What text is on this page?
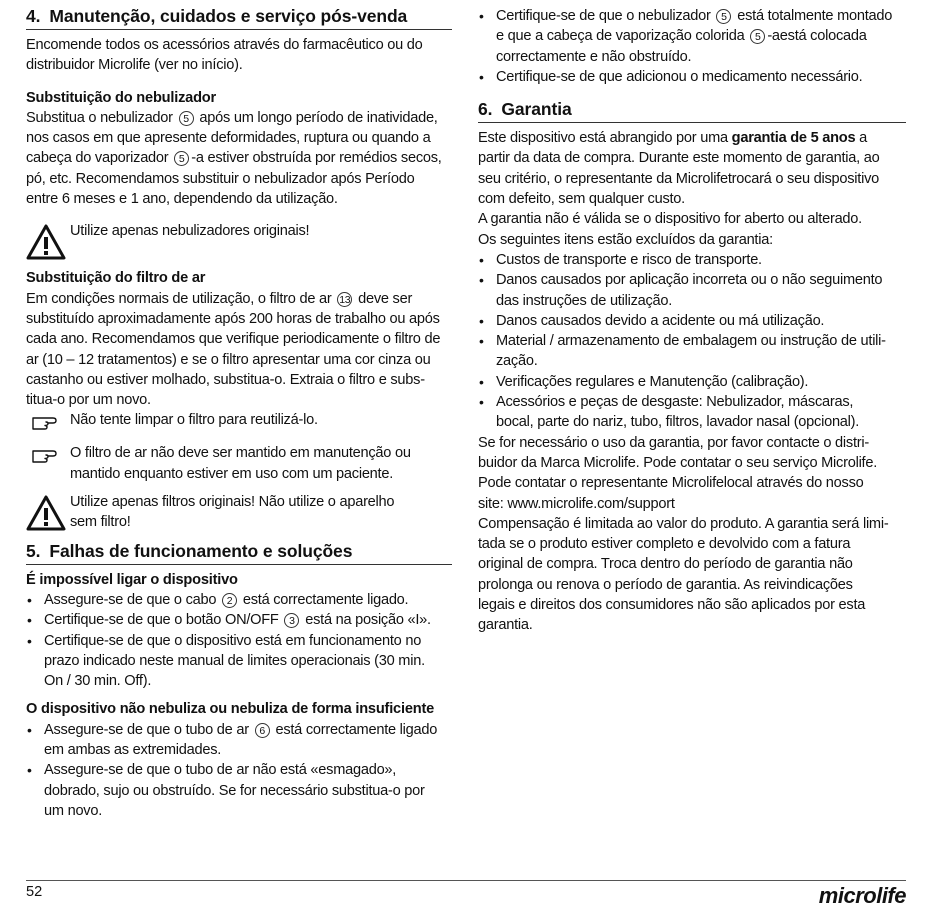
4. Manutenção, cuidados e serviço pós-venda

Encomende todos os acessórios através do farmacêutico ou do
distribuidor Microlife (ver no início).

Substituição do nebulizador

Substitua o nebulizador 5 após um longo período de inatividade,
nos casos em que apresente deformidades, ruptura ou quando a
cabeça do vaporizador 5 -a estiver obstruída por remédios secos,
pó, etc. Recomendamos substituir o nebulizador após Período
entre 6 meses e 1 ano, dependendo da utilização.

Utilize apenas nebulizadores originais!

Substituição do filtro de ar

Em condições normais de utilização, o filtro de ar 13 deve ser
substituído aproximadamente após 200 horas de trabalho ou após
cada ano. Recomendamos que verifique periodicamente o filtro de
ar (10 – 12 tratamentos) e se o filtro apresentar uma cor cinza ou
castanho ou estiver molhado, substitua-o. Extraia o filtro e subs-
titua-o por um novo.

Não tente limpar o filtro para reutilizá-lo.

O filtro de ar não deve ser mantido em manutenção ou
mantido enquanto estiver em uso com um paciente.

Utilize apenas filtros originais! Não utilize o aparelho
sem filtro!

5. Falhas de funcionamento e soluções

É impossível ligar o dispositivo

• Assegure-se de que o cabo 2 está correctamente ligado.
• Certifique-se de que o botão ON/OFF 3 está na posição «I».
• Certifique-se de que o dispositivo está em funcionamento no
prazo indicado neste manual de limites operacionais (30 min.
On / 30 min. Off).

O dispositivo não nebuliza ou nebuliza de forma insuficiente

• Assegure-se de que o tubo de ar 6 está correctamente ligado
em ambas as extremidades.
• Assegure-se de que o tubo de ar não está «esmagado»,
dobrado, sujo ou obstruído. Se for necessário substitua-o por
um novo.
• Certifique-se de que o nebulizador 5 está totalmente montado
e que a cabeça de vaporização colorida 5 -aestá colocada
correctamente e não obstruído.
• Certifique-se de que adicionou o medicamento necessário.
6. Garantia

Este dispositivo está abrangido por uma garantia de 5 anos a
partir da data de compra. Durante este momento de garantia, ao
seu critério, o representante da Microlifetrocará o seu dispositivo
com defeito, sem qualquer custo.

A garantia não é válida se o dispositivo for aberto ou alterado.

Os seguintes itens estão excluídos da garantia:

• Custos de transporte e risco de transporte.
• Danos causados por aplicação incorreta ou o não seguimento
das instruções de utilização.
• Danos causados devido a acidente ou má utilização.
• Material / armazenamento de embalagem ou instrução de utili-
zação.
• Verificações regulares e Manutenção (calibração).
• Acessórios e peças de desgaste: Nebulizador, máscaras,
bocal, parte do nariz, tubo, filtros, lavador nasal (opcional).

Se for necessário o uso da garantia, por favor contacte o distri-
buidor da Marca Microlife. Pode contatar o seu serviço Microlife.
Pode contatar o representante Microlifelocal através do nosso
site: www.microlife.com/support

Compensação é limitada ao valor do produto. A garantia será limi-
tada se o produto estiver completo e devolvido com a fatura
original de compra. Troca dentro do período de garantia não
prolonga ou renova o período de garantia. As reivindicações
legais e direitos dos consumidores não são aplicados por esta
garantia.

52	microlife
